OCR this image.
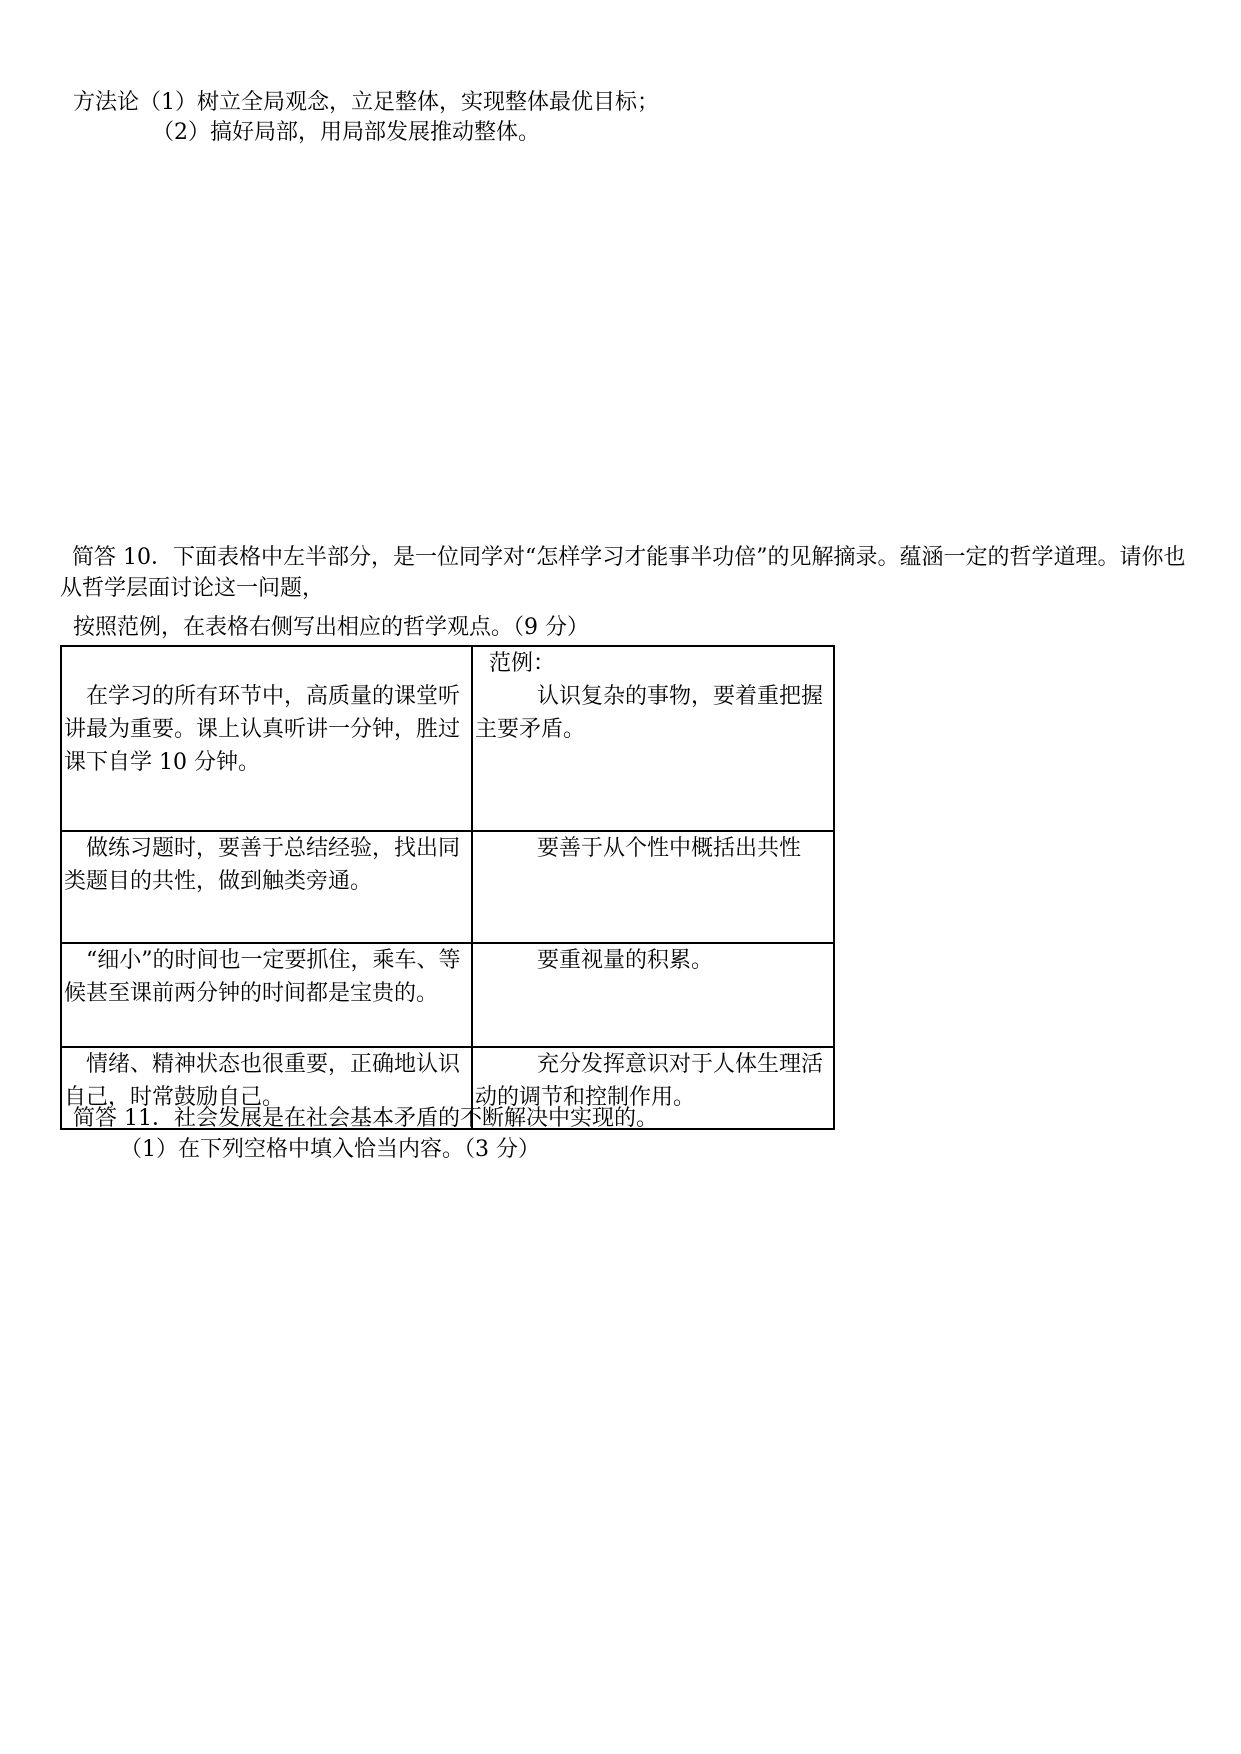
方法论（1）树立全局观念，立足整体，实现整体最优目标；
（2）搞好局部，用局部发展推动整体。
简答 10．下面表格中左半部分，是一位同学对“怎样学习才能事半功倍”的见解摘录。蕴涵一定的哲学道理。请你也从哲学层面讨论这一问题，
按照范例，在表格右侧写出相应的哲学观点。（9 分）
在学习的所有环节中，高质量的课堂听讲最为重要。课上认真听讲一分钟，胜过课下自学 10 分钟。	范例：
认识复杂的事物，要着重把握主要矛盾。

做练习题时，要善于总结经验，找出同类题目的共性，做到触类旁通。	要善于从个性中概括出共性

“细小”的时间也一定要抓住，乘车、等候甚至课前两分钟的时间都是宝贵的。	要重视量的积累。

情绪、精神状态也很重要，正确地认识自己，时常鼓励自己。	充分发挥意识对于人体生理活动的调节和控制作用。
简答 11．社会发展是在社会基本矛盾的不断解决中实现的。
（1）在下列空格中填入恰当内容。（3 分）
